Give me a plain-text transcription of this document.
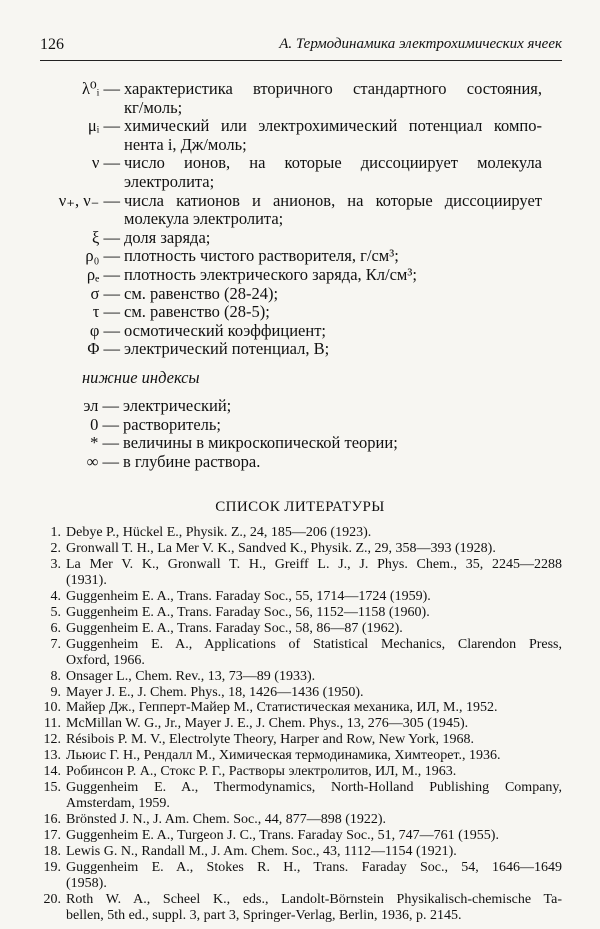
126	А. Термодинамика электрохимических ячеек
λ⁰ᵢ — характеристика вторичного стандартного состояния,
кг/моль;
μᵢ — химический или электрохимический потенциал компо-
нента i, Дж/моль;
ν — число ионов, на которые диссоциирует молекула
электролита;
ν₊, ν₋ — числа катионов и анионов, на которые диссоциирует
молекула электролита;
ξ — доля заряда;
ρ₀ — плотность чистого растворителя, г/см³;
ρₑ — плотность электрического заряда, Кл/см³;
σ — см. равенство (28-24);
τ — см. равенство (28-5);
φ — осмотический коэффициент;
Φ — электрический потенциал, В;
нижние индексы
эл — электрический;
0 — растворитель;
* — величины в микроскопической теории;
∞ — в глубине раствора.
СПИСОК ЛИТЕРАТУРЫ
1. Debye P., Hückel E., Physik. Z., 24, 185—206 (1923).
2. Gronwall T. H., La Mer V. K., Sandved K., Physik. Z., 29, 358—393 (1928).
3. La Mer V. K., Gronwall T. H., Greiff L. J., J. Phys. Chem., 35, 2245—2288
(1931).
4. Guggenheim E. A., Trans. Faraday Soc., 55, 1714—1724 (1959).
5. Guggenheim E. A., Trans. Faraday Soc., 56, 1152—1158 (1960).
6. Guggenheim E. A., Trans. Faraday Soc., 58, 86—87 (1962).
7. Guggenheim E. A., Applications of Statistical Mechanics, Clarendon Press,
Oxford, 1966.
8. Onsager L., Chem. Rev., 13, 73—89 (1933).
9. Mayer J. E., J. Chem. Phys., 18, 1426—1436 (1950).
10. Майер Дж., Гепперт-Майер М., Статистическая механика, ИЛ, М., 1952.
11. McMillan W. G., Jr., Mayer J. E., J. Chem. Phys., 13, 276—305 (1945).
12. Résibois P. M. V., Electrolyte Theory, Harper and Row, New York, 1968.
13. Льюис Г. Н., Рендалл М., Химическая термодинамика, Химтеорет., 1936.
14. Робинсон Р. А., Стокс Р. Г., Растворы электролитов, ИЛ, М., 1963.
15. Guggenheim E. A., Thermodynamics, North-Holland Publishing Company,
Amsterdam, 1959.
16. Brönsted J. N., J. Am. Chem. Soc., 44, 877—898 (1922).
17. Guggenheim E. A., Turgeon J. C., Trans. Faraday Soc., 51, 747—761 (1955).
18. Lewis G. N., Randall M., J. Am. Chem. Soc., 43, 1112—1154 (1921).
19. Guggenheim E. A., Stokes R. H., Trans. Faraday Soc., 54, 1646—1649
(1958).
20. Roth W. A., Scheel K., eds., Landolt-Börnstein Physikalisch-chemische Ta-
bellen, 5th ed., suppl. 3, part 3, Springer-Verlag, Berlin, 1936, p. 2145.
